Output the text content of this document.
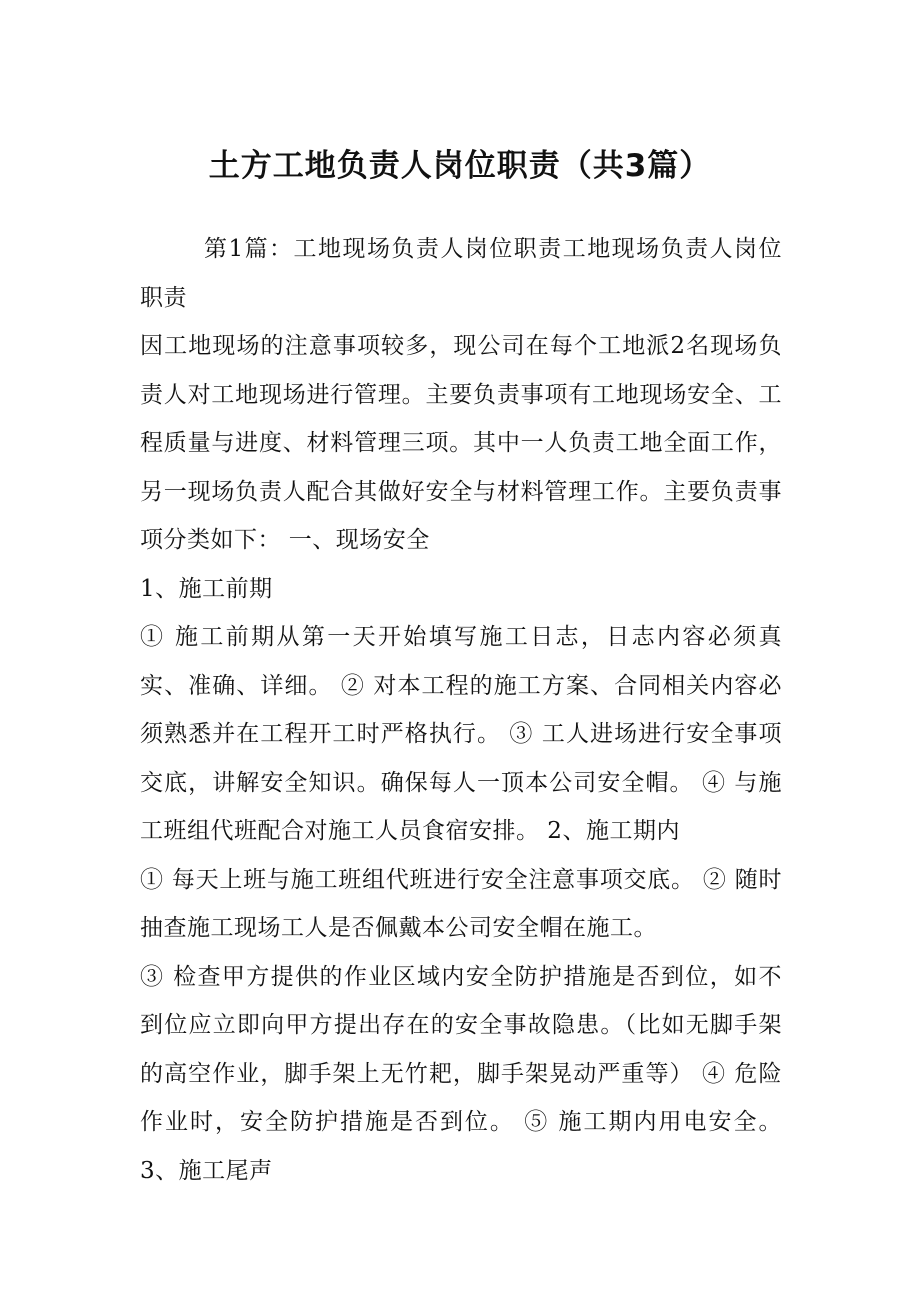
土方工地负责人岗位职责（共3篇）

第1篇：工地现场负责人岗位职责工地现场负责人岗位职责

因工地现场的注意事项较多，现公司在每个工地派2名现场负责人对工地现场进行管理。主要负责事项有工地现场安全、工程质量与进度、材料管理三项。其中一人负责工地全面工作，另一现场负责人配合其做好安全与材料管理工作。主要负责事项分类如下： 一、现场安全

1、施工前期

① 施工前期从第一天开始填写施工日志，日志内容必须真实、准确、详细。 ② 对本工程的施工方案、合同相关内容必须熟悉并在工程开工时严格执行。 ③ 工人进场进行安全事项交底，讲解安全知识。确保每人一顶本公司安全帽。 ④ 与施工班组代班配合对施工人员食宿安排。 2、施工期内

① 每天上班与施工班组代班进行安全注意事项交底。 ② 随时抽查施工现场工人是否佩戴本公司安全帽在施工。

③ 检查甲方提供的作业区域内安全防护措施是否到位，如不到位应立即向甲方提出存在的安全事故隐患。（比如无脚手架的高空作业，脚手架上无竹耙，脚手架晃动严重等） ④ 危险作业时，安全防护措施是否到位。 ⑤ 施工期内用电安全。 3、施工尾声
